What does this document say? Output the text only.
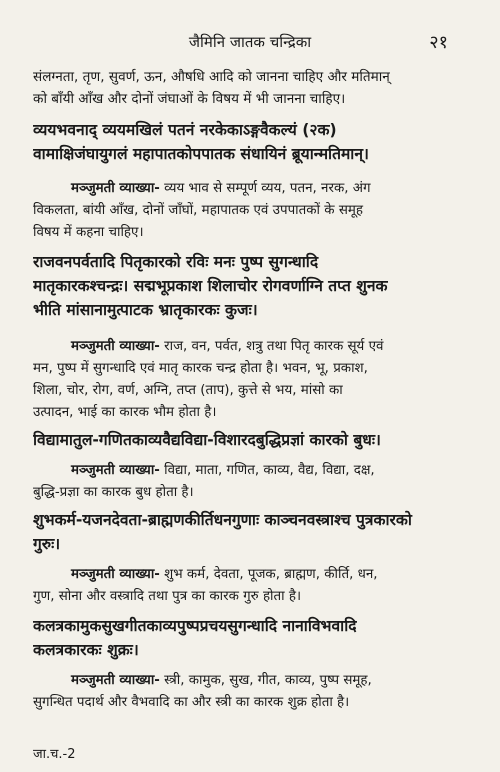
जैमिनि जातक चन्द्रिका	२१
संलग्नता, तृण, सुवर्ण, ऊन, औषधि आदि को जानना चाहिए और मतिमान्
को बाँयी आँख और दोनों जंघाओं के विषय में भी जानना चाहिए।
व्ययभवनाद् व्ययमखिलं पतनं नरकेकाऽङ्गवैकल्यं (२क)
वामाक्षिजंघायुगलं महापातकोपपातक संधायिनं ब्रूयान्मतिमान्।
मञ्जुमती व्याख्या- व्यय भाव से सम्पूर्ण व्यय, पतन, नरक, अंग
विकलता, बांयी आँख, दोनों जाँघों, महापातक एवं उपपातकों के समूह
विषय में कहना चाहिए।
राजवनपर्वतादि पितृकारको रविः मनः पुष्प सुगन्धादि
मातृकारकश्चन्द्रः। सद्मभूप्रकाश शिलाचोर रोगवर्णाग्नि तप्त शुनक
भीति मांसानामुत्पाटक भ्रातृकारकः कुजः।
मञ्जुमती व्याख्या- राज, वन, पर्वत, शत्रु तथा पितृ कारक सूर्य एवं
मन, पुष्प में सुगन्धादि एवं मातृ कारक चन्द्र होता है। भवन, भू, प्रकाश,
शिला, चोर, रोग, वर्ण, अग्नि, तप्त (ताप), कुत्ते से भय, मांसो का
उत्पादन, भाई का कारक भौम होता है।
विद्यामातुल-गणितकाव्यवैद्यविद्या-विशारदबुद्धिप्रज्ञां कारको बुधः।
मञ्जुमती व्याख्या- विद्या, माता, गणित, काव्य, वैद्य, विद्या, दक्ष,
बुद्धि-प्रज्ञा का कारक बुध होता है।
शुभकर्म-यजनदेवता-ब्राह्मणकीर्तिधनगुणाः काञ्चनवस्त्राश्च पुत्रकारको
गुरुः।
मञ्जुमती व्याख्या- शुभ कर्म, देवता, पूजक, ब्राह्मण, कीर्ति, धन,
गुण, सोना और वस्त्रादि तथा पुत्र का कारक गुरु होता है।
कलत्रकामुकसुखगीतकाव्यपुष्पप्रचयसुगन्धादि नानाविभवादि
कलत्रकारकः शुक्रः।
मञ्जुमती व्याख्या- स्त्री, कामुक, सुख, गीत, काव्य, पुष्प समूह,
सुगन्धित पदार्थ और वैभवादि का और स्त्री का कारक शुक्र होता है।
जा.च.-2
